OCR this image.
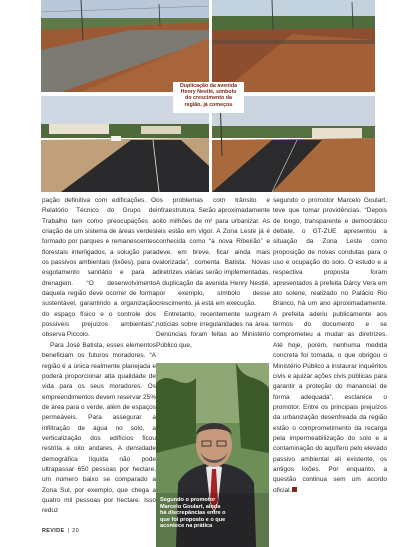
Duplicação da avenida
Henry Nestlé, símbolo
do crescimento da
região, já começou

pação definitiva com edificações. O Relatório Técnico do Grupo de Trabalho tem como preocupações a criação de um sistema de áreas verdes formado por parques e remanescentes florestais interligados, a solução para os passivos ambientais (lixões), para o esgotamento sanitário e para a drenagem. “O desenvolvimento daquela região deve ocorrer de forma sustentável, garantindo a organização do espaço físico e o controle dos possíveis prejuízos ambientais”, observa Piccolo.

Para José Batista, esses elementos beneficiam os futuros moradores. “A região é a única realmente planejada e poderá proporcionar alta qualidade de vida para os seus moradores. Os empreendimentos devem reservar 25% de área para o verde, além de espaços permeáveis. Para assegurar a infiltração de água no solo, a verticalização dos edifícios ficou restrita a oito andares. A densidade demográfica líquida não pode ultrapassar 650 pessoas por hectare, um número baixo se comparado a Zona Sul, por exemplo, que chega a quatro mil pessoas por hectare. Isso reduz

os problemas com trânsito e infraestrutura. Serão aproximadamente oito milhões de m² para urbanizar. As leis estão em vigor. A Zona Leste já é conhecida como “a nova Ribeirão” e deve, em breve, ficar ainda mais valorizada”, comenta Batista. Novas diretrizes viárias serão implementadas. A duplicação da avenida Henry Nestlé, por exemplo, símbolo desse crescimento, já está em execução.

Entretanto, recentemente surgiram notícias sobre irregularidades na área. Denúncias foram feitas ao Ministério Público que,

Segundo o promotor
Marcelo Goulart, ainda
há discrepâncias entre o
que foi proposto e o que
acontece na prática

segundo o promotor Marcelo Goulart, teve que tomar providências. “Depois de longo, transparente e democrático debate, o GT-ZUE apresentou a situação da Zona Leste como proposição de novas condutas para o uso e ocupação do solo. O estudo e a respectiva proposta foram apresentados à prefeita Dárcy Vera em ato solene, realizado no Palácio Rio Branco, há um ano aproximadamente. A prefeita aderiu publicamente aos termos do documento e se comprometeu a mudar as diretrizes. Até hoje, porém, nenhuma medida concreta foi tomada, o que obrigou o Ministério Público a instaurar inquéritos civis e ajuizar ações civis públicas para garantir a proteção do manancial de forma adequada”, esclarece o promotor. Entre os principais prejuízos da urbanização desenfreada da região estão o comprometimento da recarga pela impermeabilização do solo e a contaminação do aquífero pelo elevado passivo ambiental ali existente, os antigos lixões. Por enquanto, a questão continua sem um acordo oficial.

REVIDE | 20
